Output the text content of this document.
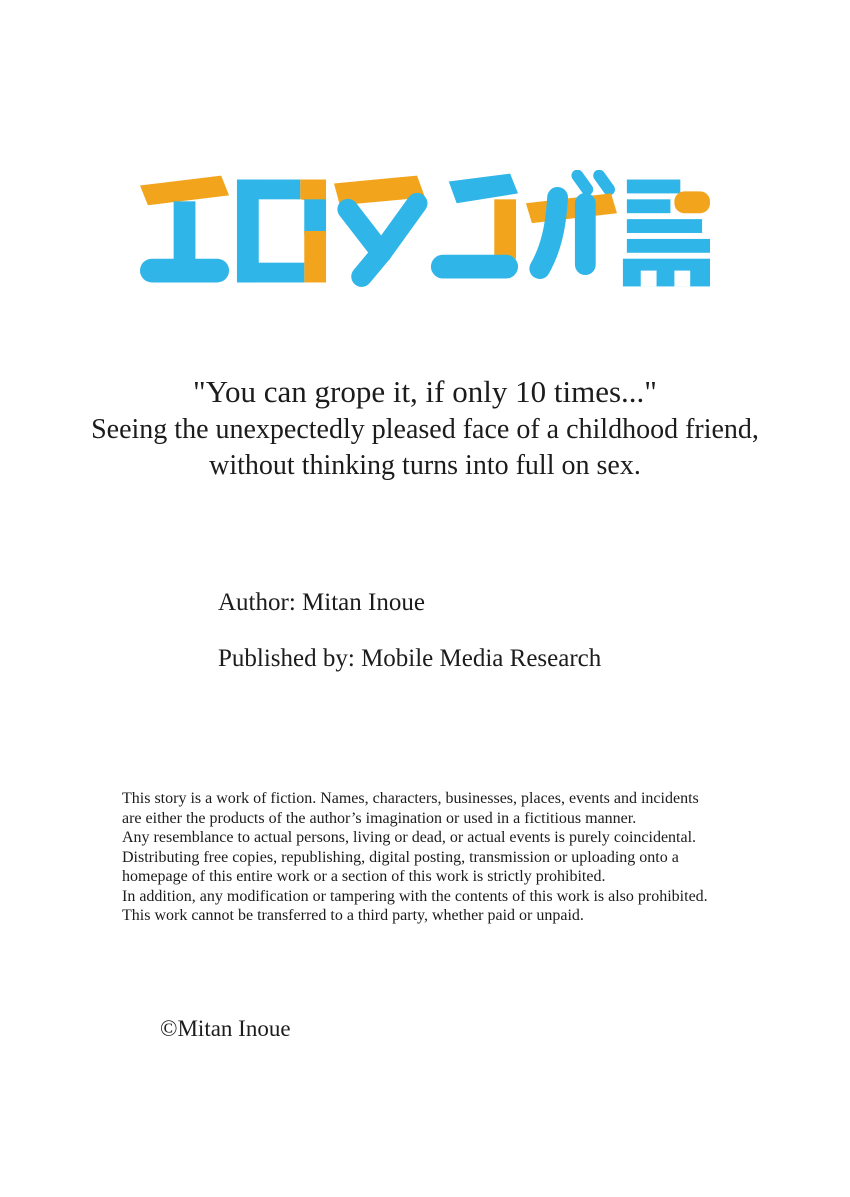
"You can grope it, if only 10 times..."
Seeing the unexpectedly pleased face of a childhood friend,
without thinking turns into full on sex.
Author: Mitan Inoue
Published by: Mobile Media Research
This story is a work of fiction. Names, characters, businesses, places, events and incidents
are either the products of the author’s imagination or used in a fictitious manner.
Any resemblance to actual persons, living or dead, or actual events is purely coincidental.
Distributing free copies, republishing, digital posting, transmission or uploading onto a
homepage of this entire work or a section of this work is strictly prohibited.
In addition, any modification or tampering with the contents of this work is also prohibited.
This work cannot be transferred to a third party, whether paid or unpaid.
©Mitan Inoue
